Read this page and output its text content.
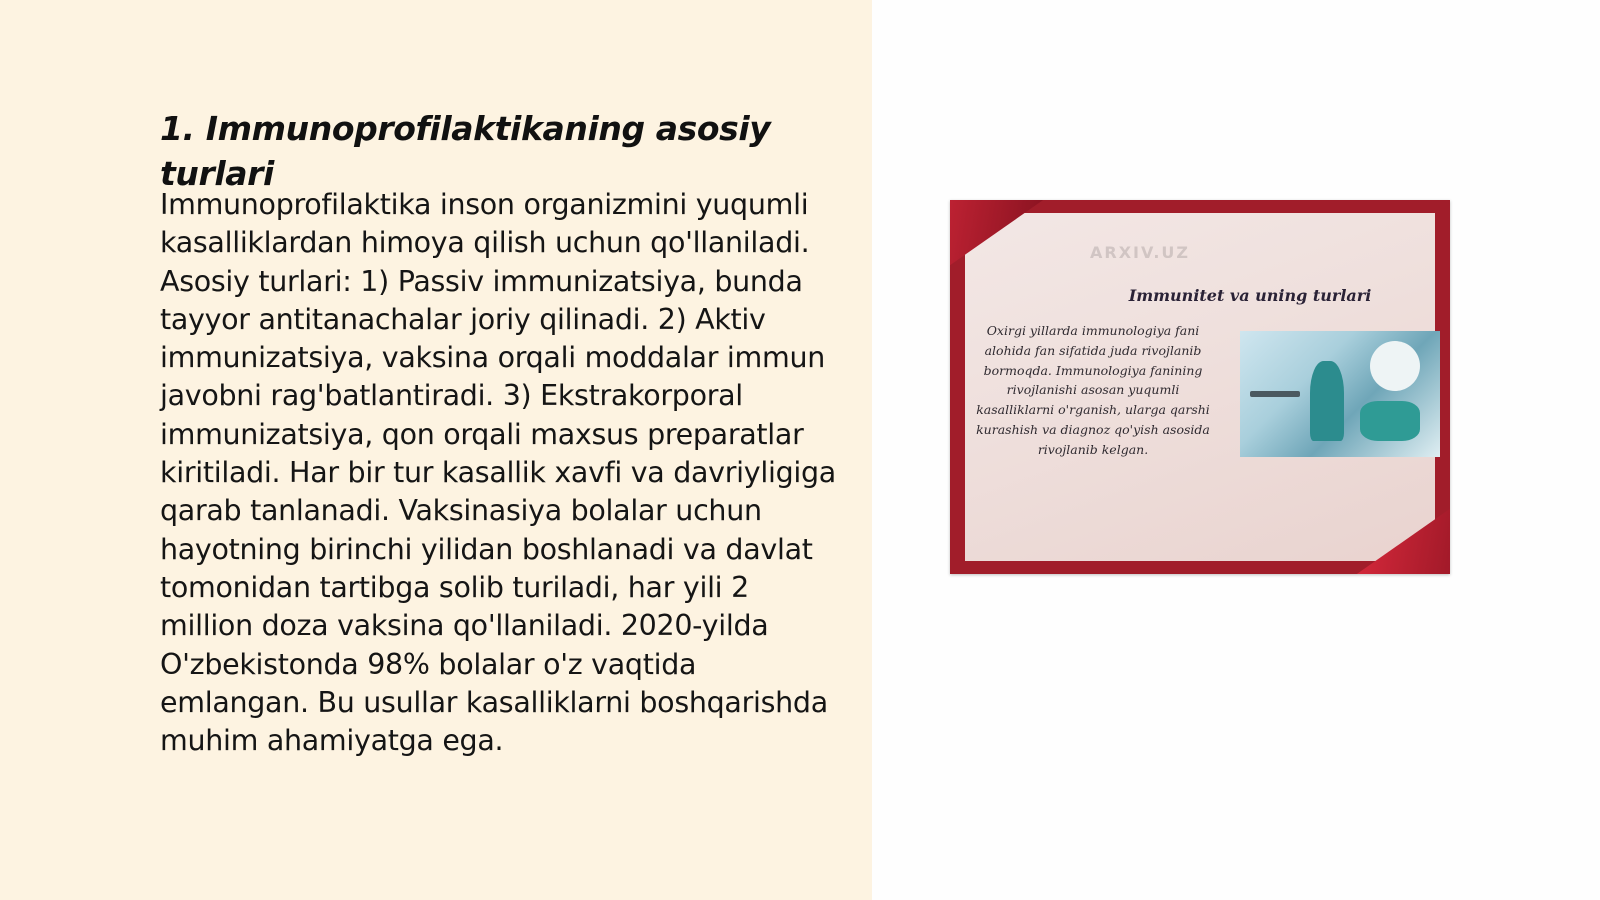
1. Immunoprofilaktikaning asosiy turlari

Immunoprofilaktika inson organizmini yuqumli kasalliklardan himoya qilish uchun qo'llaniladi. Asosiy turlari: 1) Passiv immunizatsiya, bunda tayyor antitanachalar joriy qilinadi. 2) Aktiv immunizatsiya, vaksina orqali moddalar immun javobni rag'batlantiradi. 3) Ekstrakorporal immunizatsiya, qon orqali maxsus preparatlar kiritiladi. Har bir tur kasallik xavfi va davriyligiga qarab tanlanadi. Vaksinasiya bolalar uchun hayotning birinchi yilidan boshlanadi va davlat tomonidan tartibga solib turiladi, har yili 2 million doza vaksina qo'llaniladi. 2020-yilda O'zbekistonda 98% bolalar o'z vaqtida emlangan. Bu usullar kasalliklarni boshqarishda muhim ahamiyatga ega.

ARXIV.UZ
Immunitet va uning turlari
Oxirgi yillarda immunologiya fani alohida fan sifatida juda rivojlanib bormoqda. Immunologiya fanining rivojlanishi asosan yuqumli kasalliklarni o'rganish, ularga qarshi kurashish va diagnoz qo'yish asosida rivojlanib kelgan.
